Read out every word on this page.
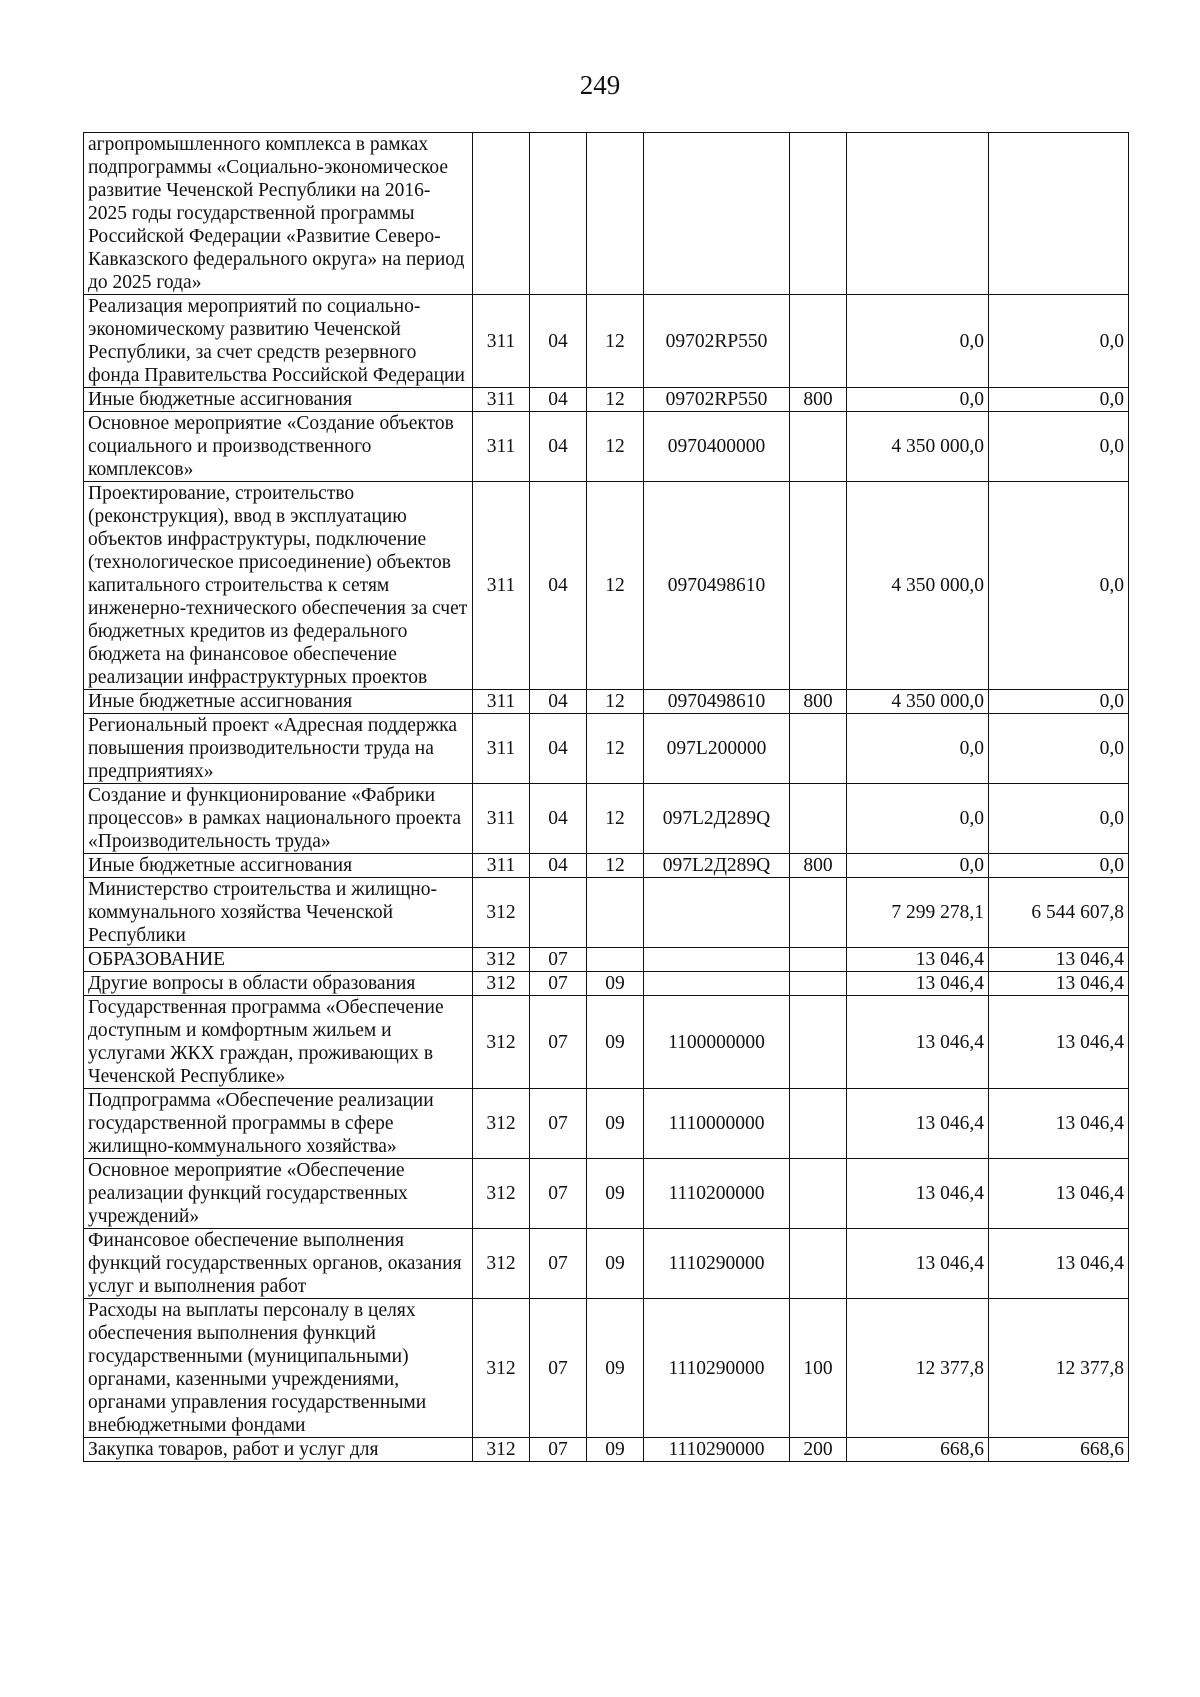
249
агропромышленного комплекса в рамках подпрограммы «Социально-экономическое развитие Чеченской Республики на 2016-2025 годы государственной программы Российской Федерации «Развитие Северо-Кавказского федерального округа» на период до 2025 года»							
Реализация мероприятий по социально-экономическому развитию Чеченской Республики, за счет средств резервного фонда Правительства Российской Федерации	311	04	12	09702RP550		0,0	0,0
Иные бюджетные ассигнования	311	04	12	09702RP550	800	0,0	0,0
Основное мероприятие «Создание объектов социального и производственного комплексов»	311	04	12	0970400000		4 350 000,0	0,0
Проектирование, строительство (реконструкция), ввод в эксплуатацию объектов инфраструктуры, подключение (технологическое присоединение) объектов капитального строительства к сетям инженерно-технического обеспечения за счет бюджетных кредитов из федерального бюджета на финансовое обеспечение реализации инфраструктурных проектов	311	04	12	0970498610		4 350 000,0	0,0
Иные бюджетные ассигнования	311	04	12	0970498610	800	4 350 000,0	0,0
Региональный проект «Адресная поддержка повышения производительности труда на предприятиях»	311	04	12	097L200000		0,0	0,0
Создание и функционирование «Фабрики процессов» в рамках национального проекта «Производительность труда»	311	04	12	097L2Д289Q		0,0	0,0
Иные бюджетные ассигнования	311	04	12	097L2Д289Q	800	0,0	0,0
Министерство строительства и жилищно-коммунального хозяйства Чеченской Республики	312					7 299 278,1	6 544 607,8
ОБРАЗОВАНИЕ	312	07				13 046,4	13 046,4
Другие вопросы в области образования	312	07	09			13 046,4	13 046,4
Государственная программа «Обеспечение доступным и комфортным жильем и услугами ЖКХ граждан, проживающих в Чеченской Республике»	312	07	09	1100000000		13 046,4	13 046,4
Подпрограмма «Обеспечение реализации государственной программы в сфере жилищно-коммунального хозяйства»	312	07	09	1110000000		13 046,4	13 046,4
Основное мероприятие «Обеспечение реализации функций государственных учреждений»	312	07	09	1110200000		13 046,4	13 046,4
Финансовое обеспечение выполнения функций государственных органов, оказания услуг и выполнения работ	312	07	09	1110290000		13 046,4	13 046,4
Расходы на выплаты персоналу в целях обеспечения выполнения функций государственными (муниципальными) органами, казенными учреждениями, органами управления государственными внебюджетными фондами	312	07	09	1110290000	100	12 377,8	12 377,8
Закупка товаров, работ и услуг для	312	07	09	1110290000	200	668,6	668,6
